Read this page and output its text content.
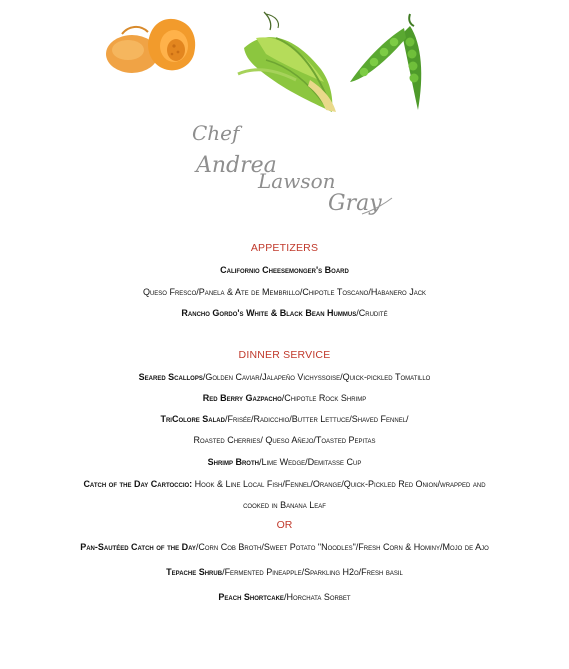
Chef
Andrea
Lawson
Gray
APPETIZERS
Californio Cheesemonger's Board
Queso Fresco/Panela & Ate de Membrillo/Chipotle Toscano/Habanero Jack
Rancho Gordo's White & Black Bean Hummus/Crudité
DINNER SERVICE
Seared Scallops/Golden Caviar/Jalapeño Vichyssoise/Quick-pickled Tomatillo
Red Berry Gazpacho/Chipotle Rock Shrimp
TriColore Salad/Frisée/Radicchio/Butter Lettuce/Shaved Fennel/
Roasted Cherries/ Queso Añejo/Toasted Pepitas
Shrimp Broth/Lime Wedge/Demitasse Cup
Catch of the Day Cartoccio: Hook & Line Local Fish/Fennel/Orange/Quick-Pickled Red Onion/wrapped and
cooked in Banana Leaf
OR
Pan-Sautéed Catch of the Day/Corn Cob Broth/Sweet Potato "Noodles"/Fresh Corn & Hominy/Mojo de Ajo
Tepache Shrub/Fermented Pineapple/Sparkling H2o/Fresh basil
Peach Shortcake/Horchata Sorbet
